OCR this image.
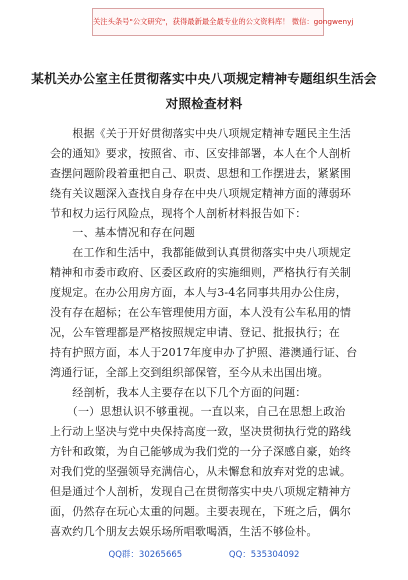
关注头条号"公文研究"，获得最新最全最专业的公文资料库！ 微信：gongwenyj
某机关办公室主任贯彻落实中央八项规定精神专题组织生活会
对照检查材料
　　根据《关于开好贯彻落实中央八项规定精神专题民主生活
会的通知》要求，按照省、市、区安排部署，本人在个人剖析
查摆问题阶段着重把自己、职责、思想和工作摆进去，紧紧围
绕有关议题深入查找自身存在中央八项规定精神方面的薄弱环
节和权力运行风险点，现将个人剖析材料报告如下：
　　一、基本情况和存在问题
　　在工作和生活中，我都能做到认真贯彻落实中央八项规定
精神和市委市政府、区委区政府的实施细则，严格执行有关制
度规定。在办公用房方面，本人与3-4名同事共用办公住房，
没有存在超标；在公车管理使用方面，本人没有公车私用的情
况，公车管理都是严格按照规定申请、登记、批报执行；在
持有护照方面，本人于2017年度申办了护照、港澳通行证、台
湾通行证，全部上交到组织部保管，至今从未出国出境。
　　经剖析，我本人主要存在以下几个方面的问题：
　　（一）思想认识不够重视。一直以来，自己在思想上政治
上行动上坚决与党中央保持高度一致，坚决贯彻执行党的路线
方针和政策，为自己能够成为我们党的一分子深感自豪，始终
对我们党的坚强领导充满信心，从未懈怠和放弃对党的忠诚。
但是通过个人剖析，发现自己在贯彻落实中央八项规定精神方
面，仍然存在玩心太重的问题。主要表现在，下班之后，偶尔
喜欢约几个朋友去娱乐场所唱歌喝酒，生活不够俭朴。
QQ群：30265665	QQ：535304092
